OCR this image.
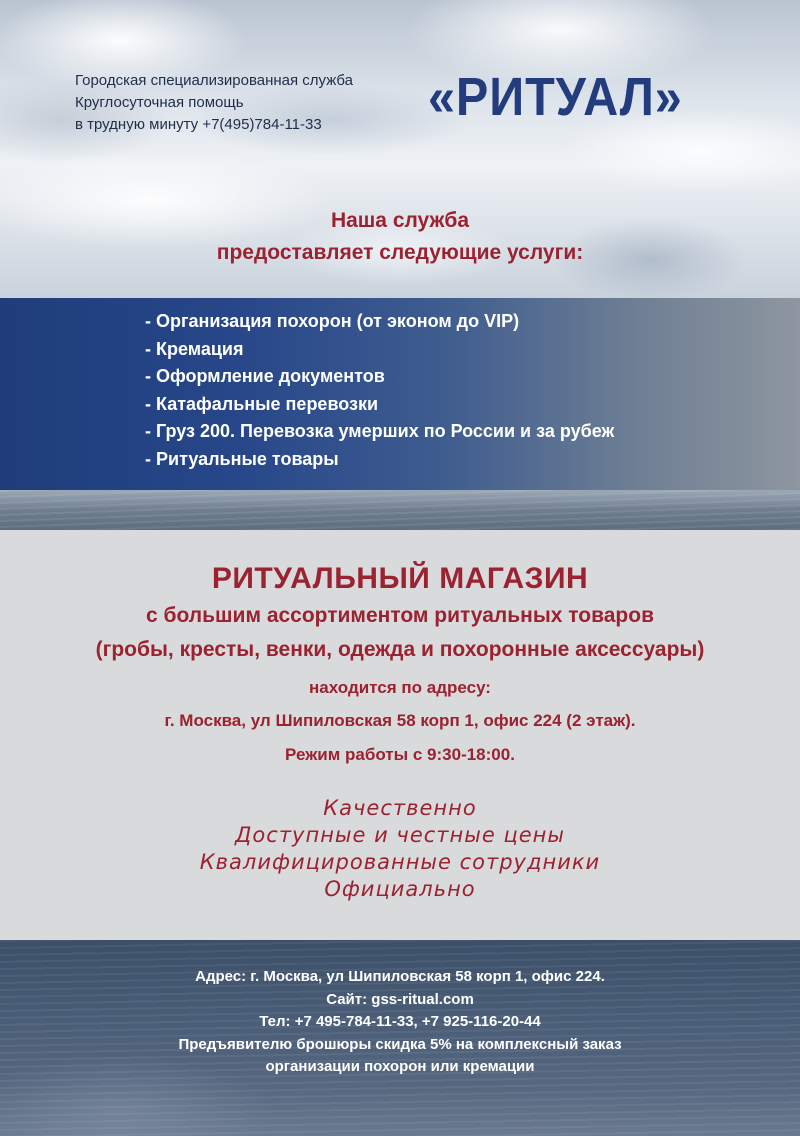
Городская специализированная служба
Круглосуточная помощь
в трудную минуту +7(495)784-11-33	«РИТУАЛ»
Наша служба
предоставляет следующие услуги:
- Организация похорон (от эконом до VIP)
- Кремация
- Оформление документов
- Катафальные перевозки
- Груз 200. Перевозка умерших по России и за рубеж
- Ритуальные товары
РИТУАЛЬНЫЙ МАГАЗИН
с большим ассортиментом ритуальных товаров
(гробы, кресты, венки, одежда и похоронные аксессуары)
находится по адресу:
г. Москва, ул Шипиловская 58 корп 1, офис 224 (2 этаж).
Режим работы с 9:30-18:00.
Качественно
Доступные и честные цены
Квалифицированные сотрудники
Официально
Адрес: г. Москва, ул Шипиловская 58 корп 1, офис 224.
Сайт: gss-ritual.com
Тел: +7 495-784-11-33, +7 925-116-20-44
Предъявителю брошюры скидка 5% на комплексный заказ
организации похорон или кремации
